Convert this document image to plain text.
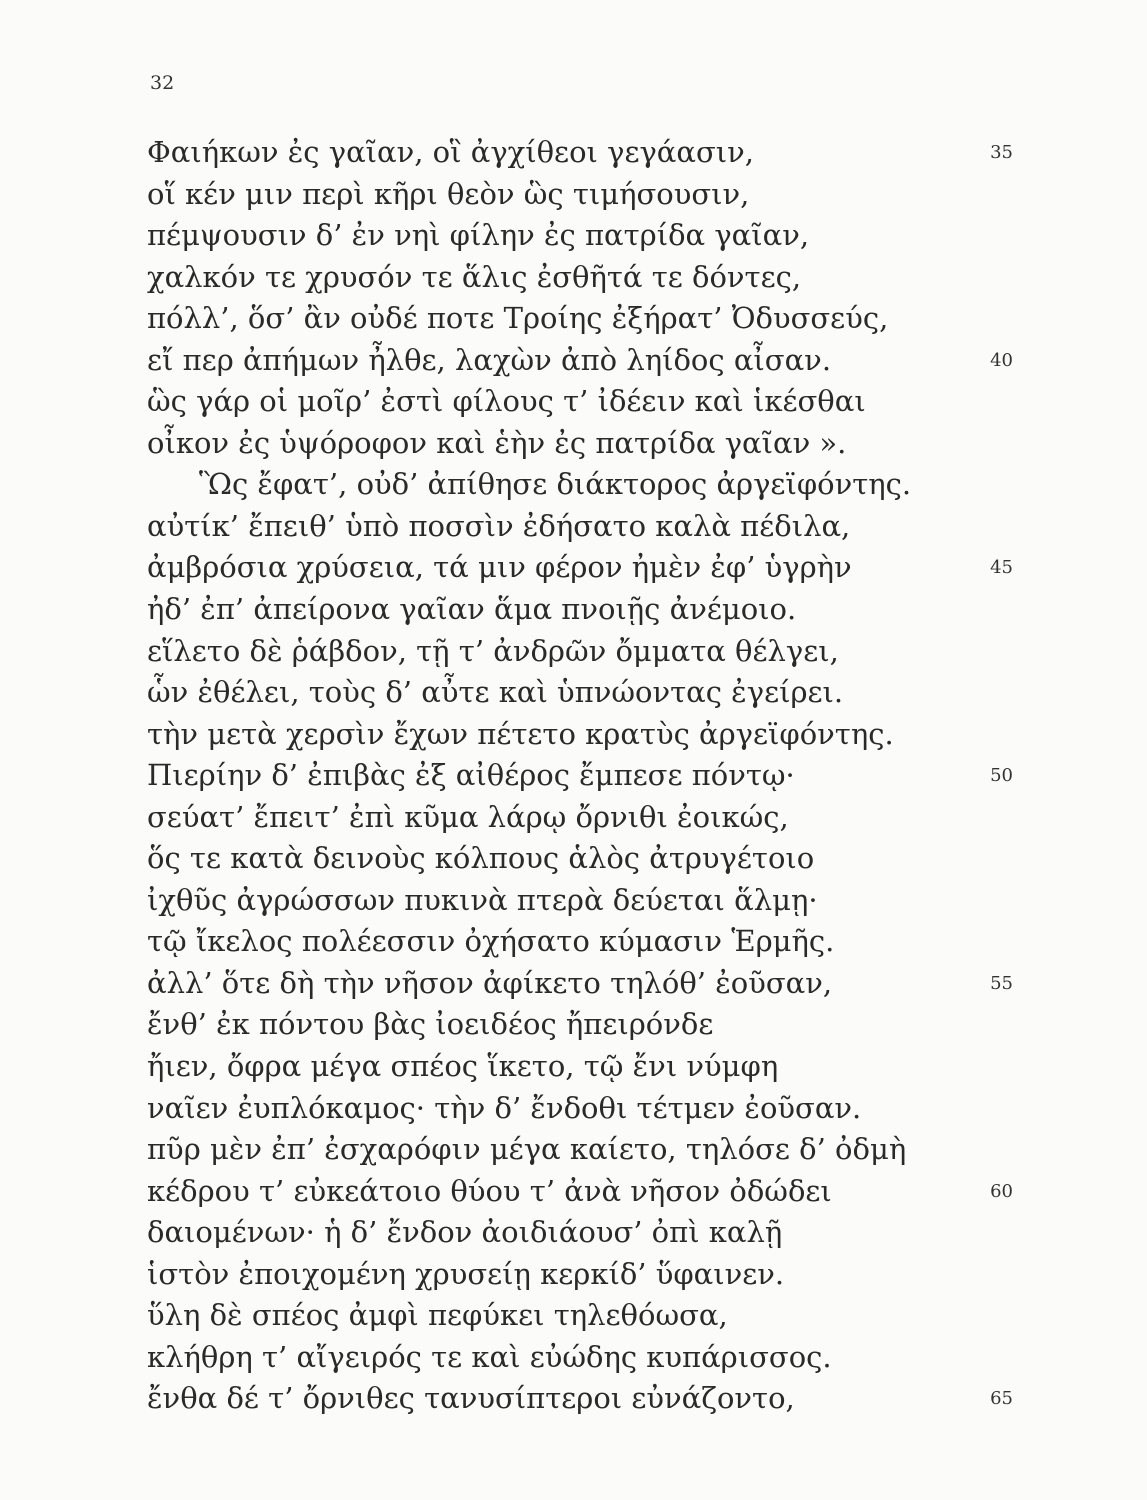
32
Φαιήκων ἐς γαῖαν, οἳ ἀγχίθεοι γεγάασιν,	35
οἵ κέν μιν περὶ κῆρι θεὸν ὣς τιμήσουσιν,
πέμψουσιν δ’ ἐν νηὶ φίλην ἐς πατρίδα γαῖαν,
χαλκόν τε χρυσόν τε ἅλις ἐσθῆτά τε δόντες,
πόλλ’, ὅσ’ ἂν οὐδέ ποτε Τροίης ἐξήρατ’ Ὀδυσσεύς,
εἴ περ ἀπήμων ἦλθε, λαχὼν ἀπὸ ληίδος αἶσαν.	40
ὣς γάρ οἱ μοῖρ’ ἐστὶ φίλους τ’ ἰδέειν καὶ ἱκέσθαι
οἶκον ἐς ὑψόροφον καὶ ἑὴν ἐς πατρίδα γαῖαν ».
Ὣς ἔφατ’, οὐδ’ ἀπίθησε διάκτορος ἀργεϊφόντης.
αὐτίκ’ ἔπειθ’ ὑπὸ ποσσὶν ἐδήσατο καλὰ πέδιλα,
ἀμβρόσια χρύσεια, τά μιν φέρον ἠμὲν ἐφ’ ὑγρὴν	45
ἠδ’ ἐπ’ ἀπείρονα γαῖαν ἅμα πνοιῇς ἀνέμοιο.
εἵλετο δὲ ῥάβδον, τῇ τ’ ἀνδρῶν ὄμματα θέλγει,
ὧν ἐθέλει, τοὺς δ’ αὖτε καὶ ὑπνώοντας ἐγείρει.
τὴν μετὰ χερσὶν ἔχων πέτετο κρατὺς ἀργεϊφόντης.
Πιερίην δ’ ἐπιβὰς ἐξ αἰθέρος ἔμπεσε πόντῳ·	50
σεύατ’ ἔπειτ’ ἐπὶ κῦμα λάρῳ ὄρνιθι ἐοικώς,
ὅς τε κατὰ δεινοὺς κόλπους ἁλὸς ἀτρυγέτοιο
ἰχθῦς ἀγρώσσων πυκινὰ πτερὰ δεύεται ἅλμῃ·
τῷ ἴκελος πολέεσσιν ὀχήσατο κύμασιν Ἑρμῆς.
ἀλλ’ ὅτε δὴ τὴν νῆσον ἀφίκετο τηλόθ’ ἐοῦσαν,	55
ἔνθ’ ἐκ πόντου βὰς ἰοειδέος ἤπειρόνδε
ἤιεν, ὄφρα μέγα σπέος ἵκετο, τῷ ἔνι νύμφη
ναῖεν ἐυπλόκαμος· τὴν δ’ ἔνδοθι τέτμεν ἐοῦσαν.
πῦρ μὲν ἐπ’ ἐσχαρόφιν μέγα καίετο, τηλόσε δ’ ὀδμὴ
κέδρου τ’ εὐκεάτοιο θύου τ’ ἀνὰ νῆσον ὀδώδει	60
δαιομένων· ἡ δ’ ἔνδον ἀοιδιάουσ’ ὀπὶ καλῇ
ἱστὸν ἐποιχομένη χρυσείῃ κερκίδ’ ὕφαινεν.
ὕλη δὲ σπέος ἀμφὶ πεφύκει τηλεθόωσα,
κλήθρη τ’ αἴγειρός τε καὶ εὐώδης κυπάρισσος.
ἔνθα δέ τ’ ὄρνιθες τανυσίπτεροι εὐνάζοντο,	65
